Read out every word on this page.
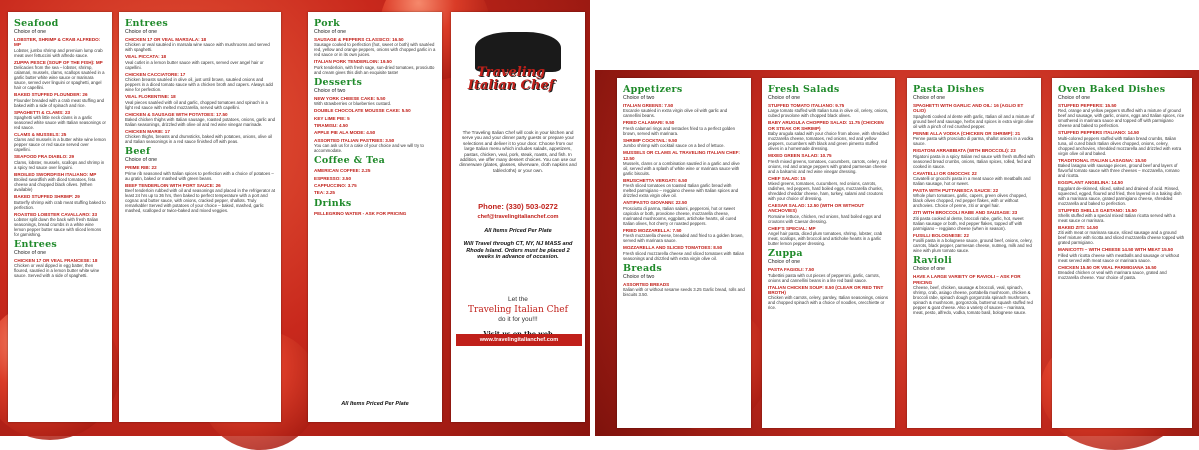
Seafood
Choice of one
LOBSTER, SHRIMP & CRAB ALFREDO: MP
Lobster, jumbo shrimp and premium lump crab meat over fettuccini with alfredo sauce.
ZUPPA PESCE (SOUP OF THE FISH): MP
Delicacies from the sea – lobster, shrimp, calamari, mussels, clams, scallops sautéed in a garlic butter white wine sauce or marinara sauce, served over linguini or spaghetti, angel hair or capellini.
BAKED STUFFED FLOUNDER: 26
Flounder breaded with a crab meat stuffing and baked with a side of spinach and rice.
SPAGHETTI & CLAMS: 23
Spaghetti with little neck clams in a garlic seasoned white sauce with Italian seasonings or red sauce.
CLAMS & MUSSELS: 25
Clams and mussels in a butter white wine lemon pepper sauce or red sauce served over capellini.
SEAFOOD FRA DIABLO: 29
Clams, lobster, mussels, scallops and shrimp in a spicy red sauce over linguini.
BROILED SWORDFISH ITALIANO: MP
Broiled swordfish with diced tomatoes, feta cheese and chopped black olives. (When available)
BAKED STUFFED SHRIMP: 29
Butterfly shrimp with crab meat stuffing baked to perfection.
ROASTED LOBSTER CAVALLARO: 33
Lobster split down the back with fresh Italian seasonings, bread crumbs in a white wine lemon pepper butter sauce with sliced lemons for garnishing.
Entrees
Choice of one
CHICKEN 17 OR VEAL FRANCESE: 18
Chicken or veal dipped in egg batter, then floured, sautéed in a lemon butter white wine sauce. Served with a side of spaghetti.
Entrees
Choice of one
CHICKEN 17 OR VEAL MARSALA: 18
Chicken or veal sautéed in marsala wine sauce with mushrooms and served with spaghetti.
VEAL PICCATA: 18
Veal cutlet in a lemon butter sauce with capers, served over angel hair or capellini.
CHICKEN CACCIATORE: 17
Chicken breasts sautéed in olive oil, just until brown, sautéed onions and peppers in a diced tomato sauce with a chicken broth and capers. Always add wine for perfection.
VEAL FLORENTINE: 18
Veal pieces sautéed with oil and garlic, chopped tomatoes and spinach in a light red sauce with melted mozzarella, served with capellini.
CHICKEN & SAUSAGE WITH POTATOES: 17.50
Baked chicken thighs with Italian sausage, roasted potatoes, onions, garlic and Italian seasonings, drizzled with olive oil and red wine vinegar marinade.
CHICKEN MARIE: 17
Chicken thighs, breasts and drumsticks, baked with potatoes, onions, olive oil and Italian seasonings in a red sauce finished off with peas.
Beef
Choice of one
PRIME RIB: 22
Prime rib seasoned with Italian spices to perfection with a choice of potatoes – au gratin, baked or mashed with green beans.
BEEF TENDERLOIN WITH PORT SAUCE: 26
Beef tenderloin rubbed with oil and seasonings and placed in the refrigerator at least 24 hrs up to 36 hrs, then baked to perfect temperature with a port and cognac and butter sauce, with onions, cracked pepper, shallots. Truly remarkable! Served with potatoes of your choice – baked, mashed, garlic mashed, scalloped or twice-baked and mixed veggies.
Pork
Choice of one
SAUSAGE & PEPPERS CLASSICO: 16.50
Sausage cooked to perfection (hot, sweet or both) with sautéed red, yellow and orange peppers, onions with chopped garlic in a red sauce or in its own juices.
ITALIAN PORK TENDERLOIN: 19.50
Pork tenderloin, with fresh sage, sun-dried tomatoes, prosciutto and cream gives this dish an exquisite taste!
Desserts
Choice of two
NEW YORK CHEESE CAKE: 5.50
With strawberries or blueberries custard.
DOUBLE CHOCOLATE MOUSSE CAKE: 5.50
KEY LIME PIE: 5
TIRAMISU: 4.50
APPLE PIE ALA MODE: 4.50
ASSORTED ITALIAN PASTRIES: 3.50
You can ask us for a cake of your choice and we will try to accommodate.
Coffee & Tea
AMERICAN COFFEE: 2.25
ESPRESSO: 3.50
CAPPUCCINO: 3.75
TEA: 2.25
Drinks
PELLEGRINO WATER - ASK FOR PRICING
All Items Priced Per Plate
Traveling
Italian Chef
The Traveling Italian Chef will cook in your kitchen and serve you and your dinner party guests or prepare your selections and deliver it to your door. Choose from our large Italian menu which includes salads, appetizers, pastas, chicken, veal, pork, steak, roasts, and fish. In addition, we offer many dessert choices. You can use our dinnerware (plates, glasses, silverware, cloth napkins and tablecloths) or your own.
Phone: (330) 503-0272
chef@travelingitalianchef.com
All Items Priced Per Plate
Will Travel through CT, NY, NJ MASS and Rhode Island. Orders must be placed 2 weeks in advance of occasion.
Let the
Traveling Italian Chef
do it for you!!!
www.travelingitalianchef.com
Appetizers
Choice of two
ITALIAN GREENS: 7.50
Escarole sautéed in extra virgin olive oil with garlic and cannellini beans.
FRIED CALAMARI: 9.50
Fresh calamari rings and tentacles fried to a perfect golden brown, served with marinara.
SHRIMP COCKTAIL: 9.50
Jumbo shrimp with cocktail sauce on a bed of lettuce.
MUSSELS OR CLAMS AL TRAVELING ITALIAN CHEF: 12.50
Mussels, clams or a combination sautéed in a garlic and olive oil, served with a splash of white wine or marinara sauce with garlic biscuits.
BRUSCHETTA VERGATI: 6.50
Fresh sliced tomatoes on toasted Italian garlic bread with melted parmigiano – reggiano cheese with Italian spices and drizzled extra virgin olive oil.
ANTIPASTO GIOVANNI: 22.50
Prosciutto di parma, Italian salami, pepperoni, hot or sweet capicola or both, provolone cheese, mozzarella cheese, marinated mushrooms, eggplant, artichoke hearts, oil cured Italian olives, hot cherry or roasted peppers.
FRIED MOZZARELLA: 7.50
Fresh mozzarella cheese, breaded and fried to a golden brown, served with marinara sauce.
MOZZARELLA AND SLICED TOMATOES: 8.50
Fresh sliced mozzarella cheese and sliced tomatoes with Italian seasonings and drizzled with extra virgin olive oil.
Breads
Choice of two
ASSORTED BREADS
Italian with or without sesame seeds 3.25 Garlic bread, rolls and biscuits 3.50.
Fresh Salads
Choice of one
STUFFED TOMATO ITALIANO: 9.75
Large tomato stuffed with Italian tuna in olive oil, celery, onions, cubed provolone with chopped black olives.
BABY ARUGULA CHOPPED SALAD: 11.75 (CHICKEN OR STEAK OR SHRIMP)
Baby arugula salad with your choice from above, with shredded mozzarella cheese, tomatoes, red onions, red and yellow peppers, cucumbers with black and green pimento stuffed olives in a homemade dressing.
MIXED GREEN SALAD: 10.75
Fresh mixed greens, tomatoes, cucumbers, carrots, celery, red onions, red and orange peppers with grated parmesan cheese and a balsamic and red wine vinegar dressing.
CHEF SALAD: 15
Mixed greens, tomatoes, cucumbers, red onions, carrots, radishes, red peppers, hard boiled eggs, mozzarella chunks, shredded cheddar cheese, ham, turkey, salami and croutons with your choice of dressing.
CAESAR SALAD: 12.50 (WITH OR WITHOUT ANCHOVIES)
Romaine lettuce, chicken, red onions, hard boiled eggs and croutons with Caesar dressing.
CHEF'S SPECIAL: MP
Angel hair pasta, diced plum tomatoes, shrimp, lobster, crab meat, scallops, with broccoli and artichoke hearts in a garlic butter lemon pepper dressing.
Zuppa
Choice of one
PASTA FAGIOLI: 7.50
Tubettini pasta with cut pieces of pepperoni, garlic, carrots, onions and cannellini beans in a lite red basil sauce.
ITALIAN CHICKEN SOUP: 8.50 (CLEAR OR RED TINT BROTH)
Chicken with carrots, celery, parsley, Italian seasonings, onions and chopped spinach with a choice of noodles, orecchiette or rice.
Pasta Dishes
Choice of one
SPAGHETTI WITH GARLIC AND OIL: 16 (AGLIO ET OLIO)
Spaghetti cooked al dente with garlic, Italian oil and a mixture of ground beef and sausage, herbs and spices in extra virgin olive oil with a pinch of red crushed pepper.
PENNE ALLA VODKA (CHICKEN OR SHRIMP): 21
Penne pasta with prosciutto di parma, shallot onions in a vodka sauce.
RIGATONI ARRABBIATA (WITH BROCCOLI): 23
Rigatoni pasta in a spicy Italian red sauce with fresh stuffed with seasoned bread crumbs, onions, Italian spices, rolled, fed and cooked in sauce.
CAVATELLI OR GNOCCHI: 22
Cavatelli or gnocchi pasta in a meat sauce with meatballs and Italian sausage, hot or sweet.
PASTA WITH PUTTANESCA SAUCE: 22
Whole plum tomatoes, garlic, capers, green olives chopped, black olives chopped, red pepper flakes, with or without anchovies. Choice of penne, ziti or angel hair.
ZITI WITH BROCCOLI RABE AND SAUSAGE: 23
Ziti pasta cooked al dente, broccoli rabe, garlic, hot, sweet Italian sausage or both, red pepper flakes, topped off with parmigiano – reggiano cheese (when in season).
FUSILLI BOLOGNESE: 22
Fusilli pasta in a bolognese sauce, ground beef, onions, celery, carrots, black pepper, parmesan cheese, nutmeg, milk and red wine with plum tomato sauce.
Ravioli
Choice of one
HAVE A LARGE VARIETY OF RAVIOLI – ASK FOR PRICING
Cheese, beef, chicken, sausage & broccoli, veal, spinach, shrimp, crab, asiago cheese, portabella mushroom, chicken & broccoli rabe, spinach dough gorgonzola spinach mushroom, spinach & mushroom, gorgonzola, butternut squash stuffed red pepper & goat cheese. Also a variety of sauces – marinara, meat, pesto, alfredo, vodka, tomato basil, bolognese sauce.
Oven Baked Dishes
Choice of one
STUFFED PEPPERS: 15.50
Red, orange and yellow peppers stuffed with a mixture of ground beef and sausage, with garlic, onions, eggs and Italian spices, rice smothered in marinara sauce and topped off with parmigiano cheese and baked to perfection.
STUFFED PEPPERS ITALIANO: 14.50
Multi-colored peppers stuffed with Italian bread crumbs, Italian tuna, oil cured black Italian olives chopped, onions, celery, chopped anchovies, shredded mozzarella and drizzled with extra virgin olive oil and baked.
TRADITIONAL ITALIAN LASAGNA: 15.50
Baked lasagna with sausage pieces, ground beef and layers of flavorful tomato sauce with three cheeses – mozzarella, romano and ricotta.
EGGPLANT ANGELINA: 14.50
Eggplant de-skinned, sliced, salted and drained of acid. Rinsed, squeezed, egged, floured and fried, then layered in a baking dish with a marinara sauce, grated parmigiano cheese, shredded mozzarella and baked to perfection.
STUFFED SHELLS GAETANO: 15.50
Shells stuffed with a special mixed Italian ricotta served with a meat sauce or marinara.
BAKED ZITI: 14.50
Ziti with meat or marinara sauce, sliced sausage and a ground beef mixture with ricotta and sliced mozzarella cheese topped with grated parmigiano.
MANICOTTI – WITH CHEESE 14.50 WITH MEAT 15.50
Filled with ricotta cheese with meatballs and sausage or without meat served with meat sauce or marinara sauce.
CHICKEN 15.50 OR VEAL PARMIGIANA 16.50
Breaded chicken or veal with marinara sauce, grated and mozzarella cheese. Your choice of pasta.
